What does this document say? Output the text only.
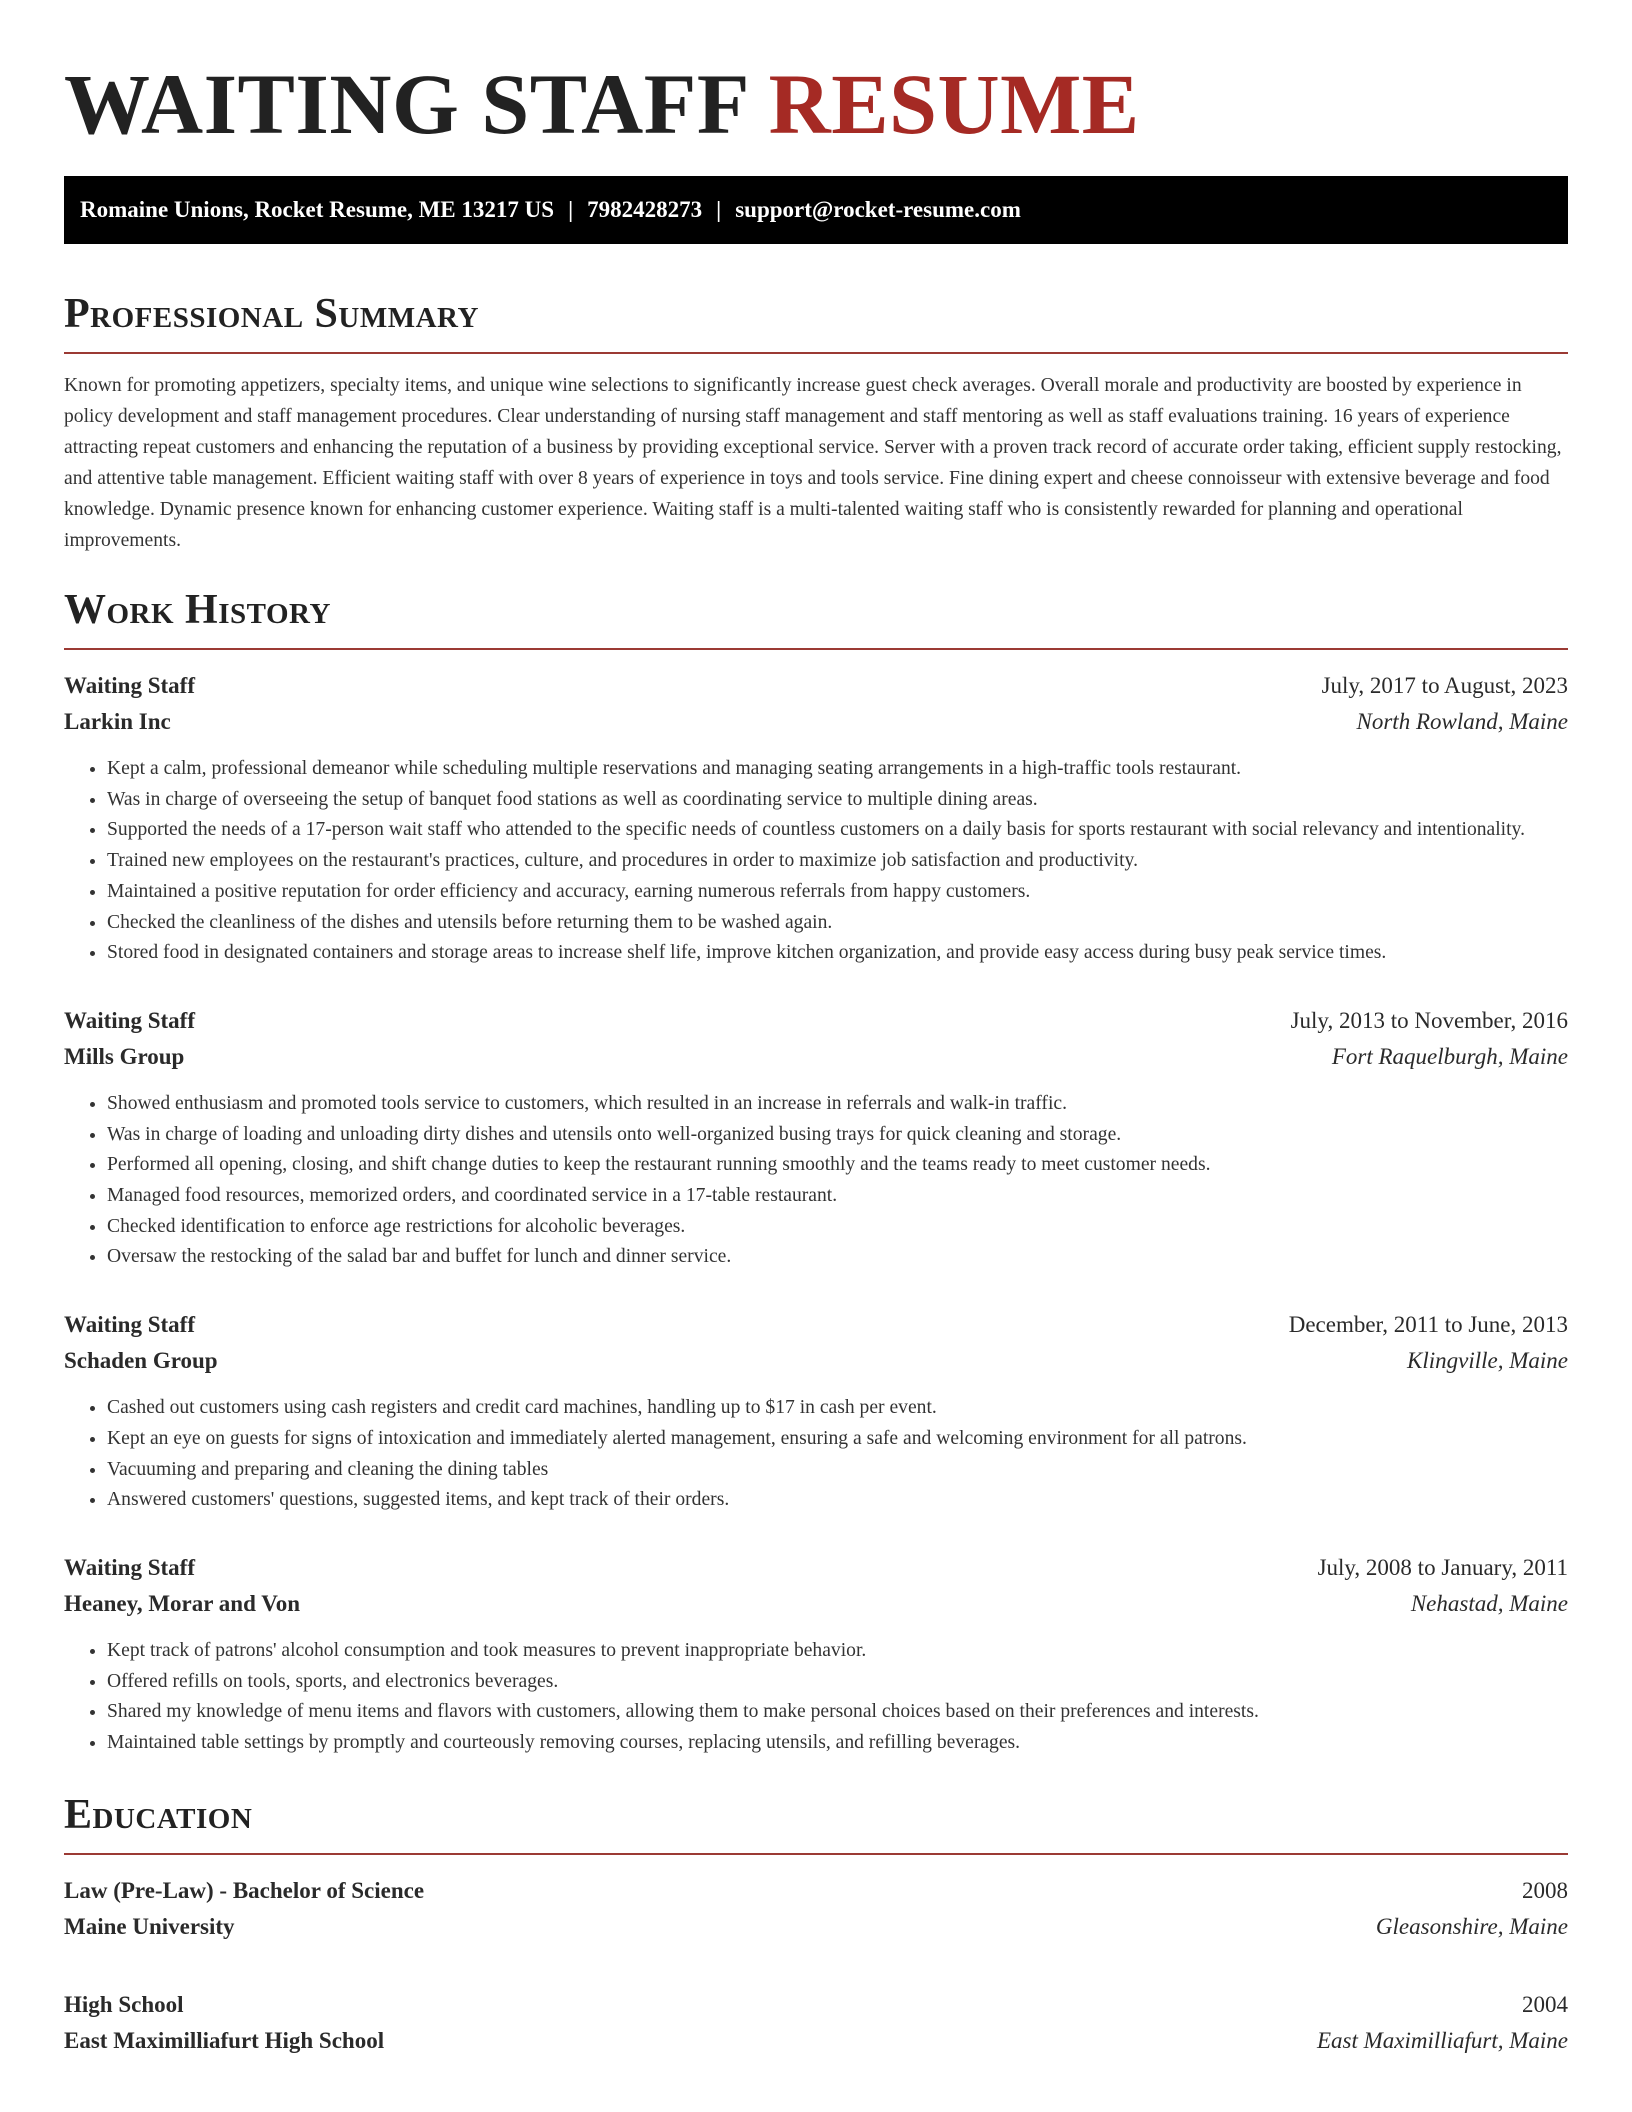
WAITING STAFF RESUME
Romaine Unions, Rocket Resume, ME 13217 US | 7982428273 | support@rocket-resume.com
Professional Summary

Known for promoting appetizers, specialty items, and unique wine selections to significantly increase guest check averages. Overall morale and productivity are boosted by experience in policy development and staff management procedures. Clear understanding of nursing staff management and staff mentoring as well as staff evaluations training. 16 years of experience attracting repeat customers and enhancing the reputation of a business by providing exceptional service. Server with a proven track record of accurate order taking, efficient supply restocking, and attentive table management. Efficient waiting staff with over 8 years of experience in toys and tools service. Fine dining expert and cheese connoisseur with extensive beverage and food knowledge. Dynamic presence known for enhancing customer experience. Waiting staff is a multi-talented waiting staff who is consistently rewarded for planning and operational improvements.

Work History
Waiting Staff	July, 2017 to August, 2023
Larkin Inc	North Rowland, Maine
• Kept a calm, professional demeanor while scheduling multiple reservations and managing seating arrangements in a high-traffic tools restaurant.
• Was in charge of overseeing the setup of banquet food stations as well as coordinating service to multiple dining areas.
• Supported the needs of a 17-person wait staff who attended to the specific needs of countless customers on a daily basis for sports restaurant with social relevancy and intentionality.
• Trained new employees on the restaurant's practices, culture, and procedures in order to maximize job satisfaction and productivity.
• Maintained a positive reputation for order efficiency and accuracy, earning numerous referrals from happy customers.
• Checked the cleanliness of the dishes and utensils before returning them to be washed again.
• Stored food in designated containers and storage areas to increase shelf life, improve kitchen organization, and provide easy access during busy peak service times.
Waiting Staff	July, 2013 to November, 2016
Mills Group	Fort Raquelburgh, Maine
• Showed enthusiasm and promoted tools service to customers, which resulted in an increase in referrals and walk-in traffic.
• Was in charge of loading and unloading dirty dishes and utensils onto well-organized busing trays for quick cleaning and storage.
• Performed all opening, closing, and shift change duties to keep the restaurant running smoothly and the teams ready to meet customer needs.
• Managed food resources, memorized orders, and coordinated service in a 17-table restaurant.
• Checked identification to enforce age restrictions for alcoholic beverages.
• Oversaw the restocking of the salad bar and buffet for lunch and dinner service.
Waiting Staff	December, 2011 to June, 2013
Schaden Group	Klingville, Maine
• Cashed out customers using cash registers and credit card machines, handling up to $17 in cash per event.
• Kept an eye on guests for signs of intoxication and immediately alerted management, ensuring a safe and welcoming environment for all patrons.
• Vacuuming and preparing and cleaning the dining tables
• Answered customers' questions, suggested items, and kept track of their orders.
Waiting Staff	July, 2008 to January, 2011
Heaney, Morar and Von	Nehastad, Maine
• Kept track of patrons' alcohol consumption and took measures to prevent inappropriate behavior.
• Offered refills on tools, sports, and electronics beverages.
• Shared my knowledge of menu items and flavors with customers, allowing them to make personal choices based on their preferences and interests.
• Maintained table settings by promptly and courteously removing courses, replacing utensils, and refilling beverages.
Education
Law (Pre-Law) - Bachelor of Science	2008
Maine University	Gleasonshire, Maine
High School	2004
East Maximilliafurt High School	East Maximilliafurt, Maine
